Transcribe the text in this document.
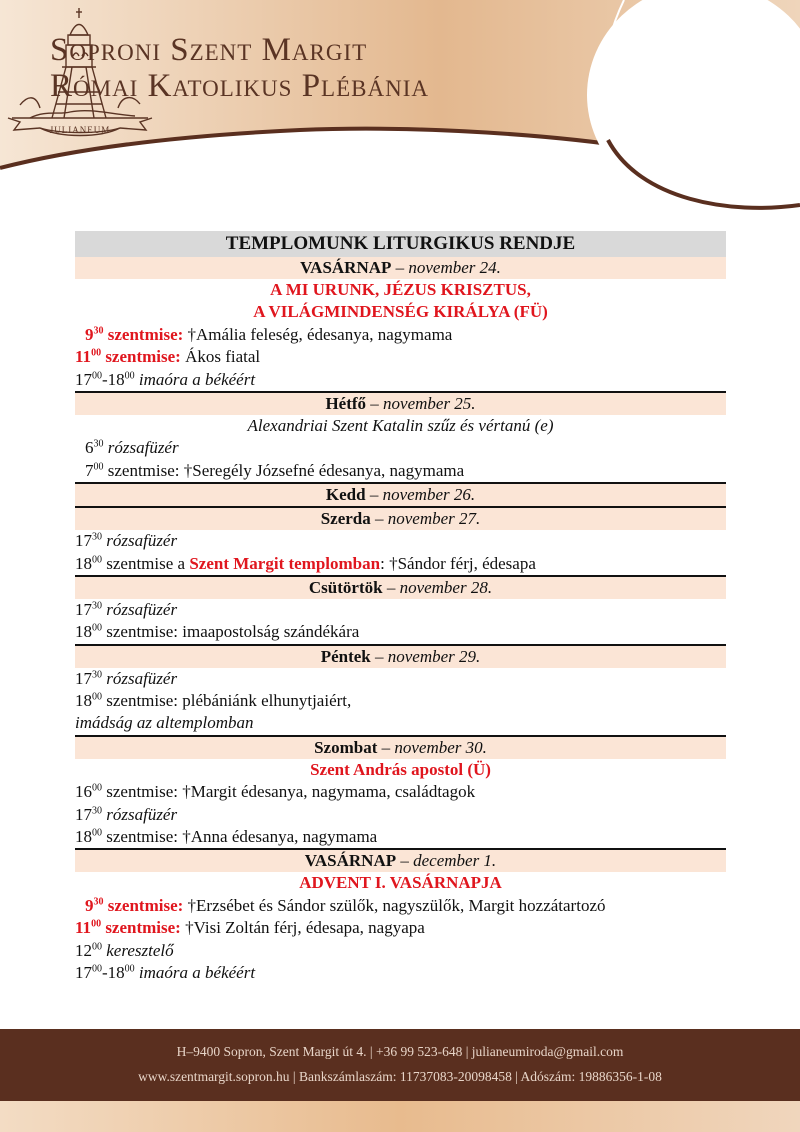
Soproni Szent Margit
Római Katolikus Plébánia
JULIANEUM
TEMPLOMUNK LITURGIKUS RENDJE
VASÁRNAP – november 24.
A MI URUNK, JÉZUS KRISZTUS,
A VILÁGMINDENSÉG KIRÁLYA (FÜ)
$9^{30}$ szentmise: †Amália feleség, édesanya, nagymama
$11^{00}$ szentmise: Ákos fiatal
$17^{00}-18^{00}$ imaóra a békéért
Hétfő – november 25.
Alexandriai Szent Katalin szűz és vértanú (e)
$6^{30}$ rózsafüzér
$7^{00}$ szentmise: †Seregély Józsefné édesanya, nagymama
Kedd – november 26.
Szerda – november 27.
$17^{30}$ rózsafüzér
$18^{00}$ szentmise a Szent Margit templomban: †Sándor férj, édesapa
Csütörtök – november 28.
$17^{30}$ rózsafüzér
$18^{00}$ szentmise: imaapostolság szándékára
Péntek – november 29.
$17^{30}$ rózsafüzér
$18^{00}$ szentmise: plébániánk elhunytjaiért,
imádság az altemplomban
Szombat – november 30.
Szent András apostol (Ü)
$16^{00}$ szentmise: †Margit édesanya, nagymama, családtagok
$17^{30}$ rózsafüzér
$18^{00}$ szentmise: †Anna édesanya, nagymama
VASÁRNAP – december 1.
ADVENT I. VASÁRNAPJA
$9^{30}$ szentmise: †Erzsébet és Sándor szülők, nagyszülők, Margit hozzátartozó
$11^{00}$ szentmise: †Visi Zoltán férj, édesapa, nagyapa
$12^{00}$ keresztelő
$17^{00}-18^{00}$ imaóra a békéért
H–9400 Sopron, Szent Margit út 4. | +36 99 523-648 | julianeumiroda@gmail.com
www.szentmargit.sopron.hu | Bankszámlaszám: 11737083-20098458 | Adószám: 19886356-1-08
